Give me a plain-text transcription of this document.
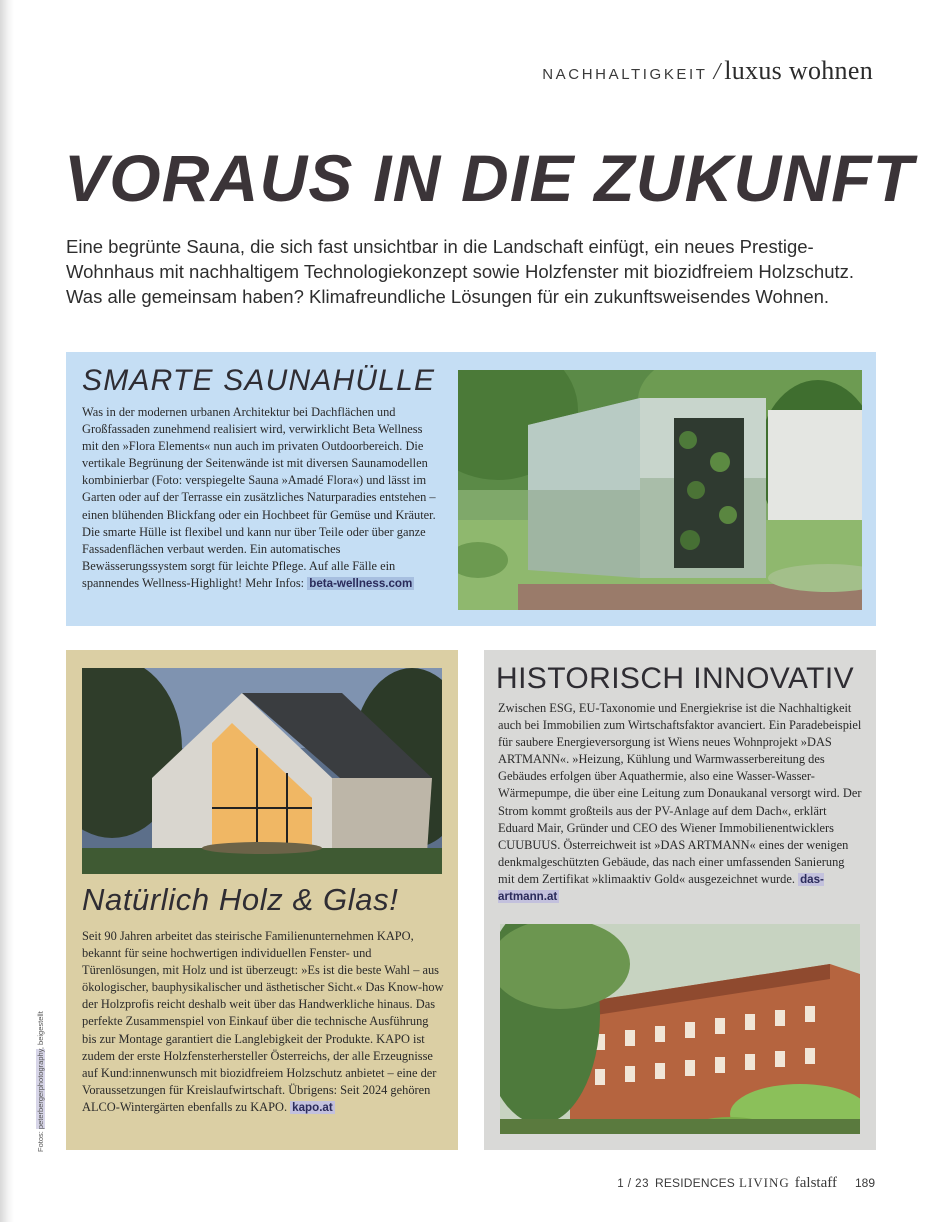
NACHHALTIGKEIT / luxus wohnen
VORAUS IN DIE ZUKUNFT

Eine begrünte Sauna, die sich fast unsichtbar in die Landschaft einfügt, ein neues Prestige-Wohnhaus mit nachhaltigem Technologiekonzept sowie Holzfenster mit biozidfreiem Holzschutz. Was alle gemeinsam haben? Klimafreundliche Lösungen für ein zukunftsweisendes Wohnen.

SMARTE SAUNAHÜLLE

Was in der modernen urbanen Architektur bei Dachflächen und Großfassaden zunehmend realisiert wird, verwirklicht Beta Wellness mit den »Flora Elements« nun auch im privaten Outdoorbereich. Die vertikale Begrünung der Seitenwände ist mit diversen Saunamodellen kombinierbar (Foto: verspiegelte Sauna »Amadé Flora«) und lässt im Garten oder auf der Terrasse ein zusätzliches Naturparadies entstehen – einen blühenden Blickfang oder ein Hochbeet für Gemüse und Kräuter. Die smarte Hülle ist flexibel und kann nur über Teile oder über ganze Fassadenflächen verbaut werden. Ein automatisches Bewässerungssystem sorgt für leichte Pflege. Auf alle Fälle ein spannendes Wellness-Highlight! Mehr Infos: beta-wellness.com

Natürlich Holz & Glas!

Seit 90 Jahren arbeitet das steirische Familienunternehmen KAPO, bekannt für seine hochwertigen individuellen Fenster- und Türenlösungen, mit Holz und ist überzeugt: »Es ist die beste Wahl – aus ökologischer, bauphysikalischer und ästhetischer Sicht.« Das Know-how der Holzprofis reicht deshalb weit über das Handwerkliche hinaus. Das perfekte Zusammenspiel von Einkauf über die technische Ausführung bis zur Montage garantiert die Langlebigkeit der Produkte. KAPO ist zudem der erste Holzfensterhersteller Österreichs, der alle Erzeugnisse auf Kund:innenwunsch mit biozidfreiem Holzschutz anbietet – eine der Voraussetzungen für Kreislaufwirtschaft. Übrigens: Seit 2024 gehören ALCO-Wintergärten ebenfalls zu KAPO. kapo.at

HISTORISCH INNOVATIV

Zwischen ESG, EU-Taxonomie und Energiekrise ist die Nachhaltigkeit auch bei Immobilien zum Wirtschaftsfaktor avanciert. Ein Paradebeispiel für saubere Energieversorgung ist Wiens neues Wohnprojekt »DAS ARTMANN«. »Heizung, Kühlung und Warmwasserbereitung des Gebäudes erfolgen über Aquathermie, also eine Wasser-Wasser-Wärmepumpe, die über eine Leitung zum Donaukanal versorgt wird. Der Strom kommt großteils aus der PV-Anlage auf dem Dach«, erklärt Eduard Mair, Gründer und CEO des Wiener Immobilienentwicklers CUUBUUS. Österreichweit ist »DAS ARTMANN« eines der wenigen denkmalgeschützten Gebäude, das nach einer umfassenden Sanierung mit dem Zertifikat »klimaaktiv Gold« ausgezeichnet wurde. das-artmann.at

Fotos: peterbergerphotography, beigestellt
1 / 23 RESIDENCES LIVING falstaff 189
